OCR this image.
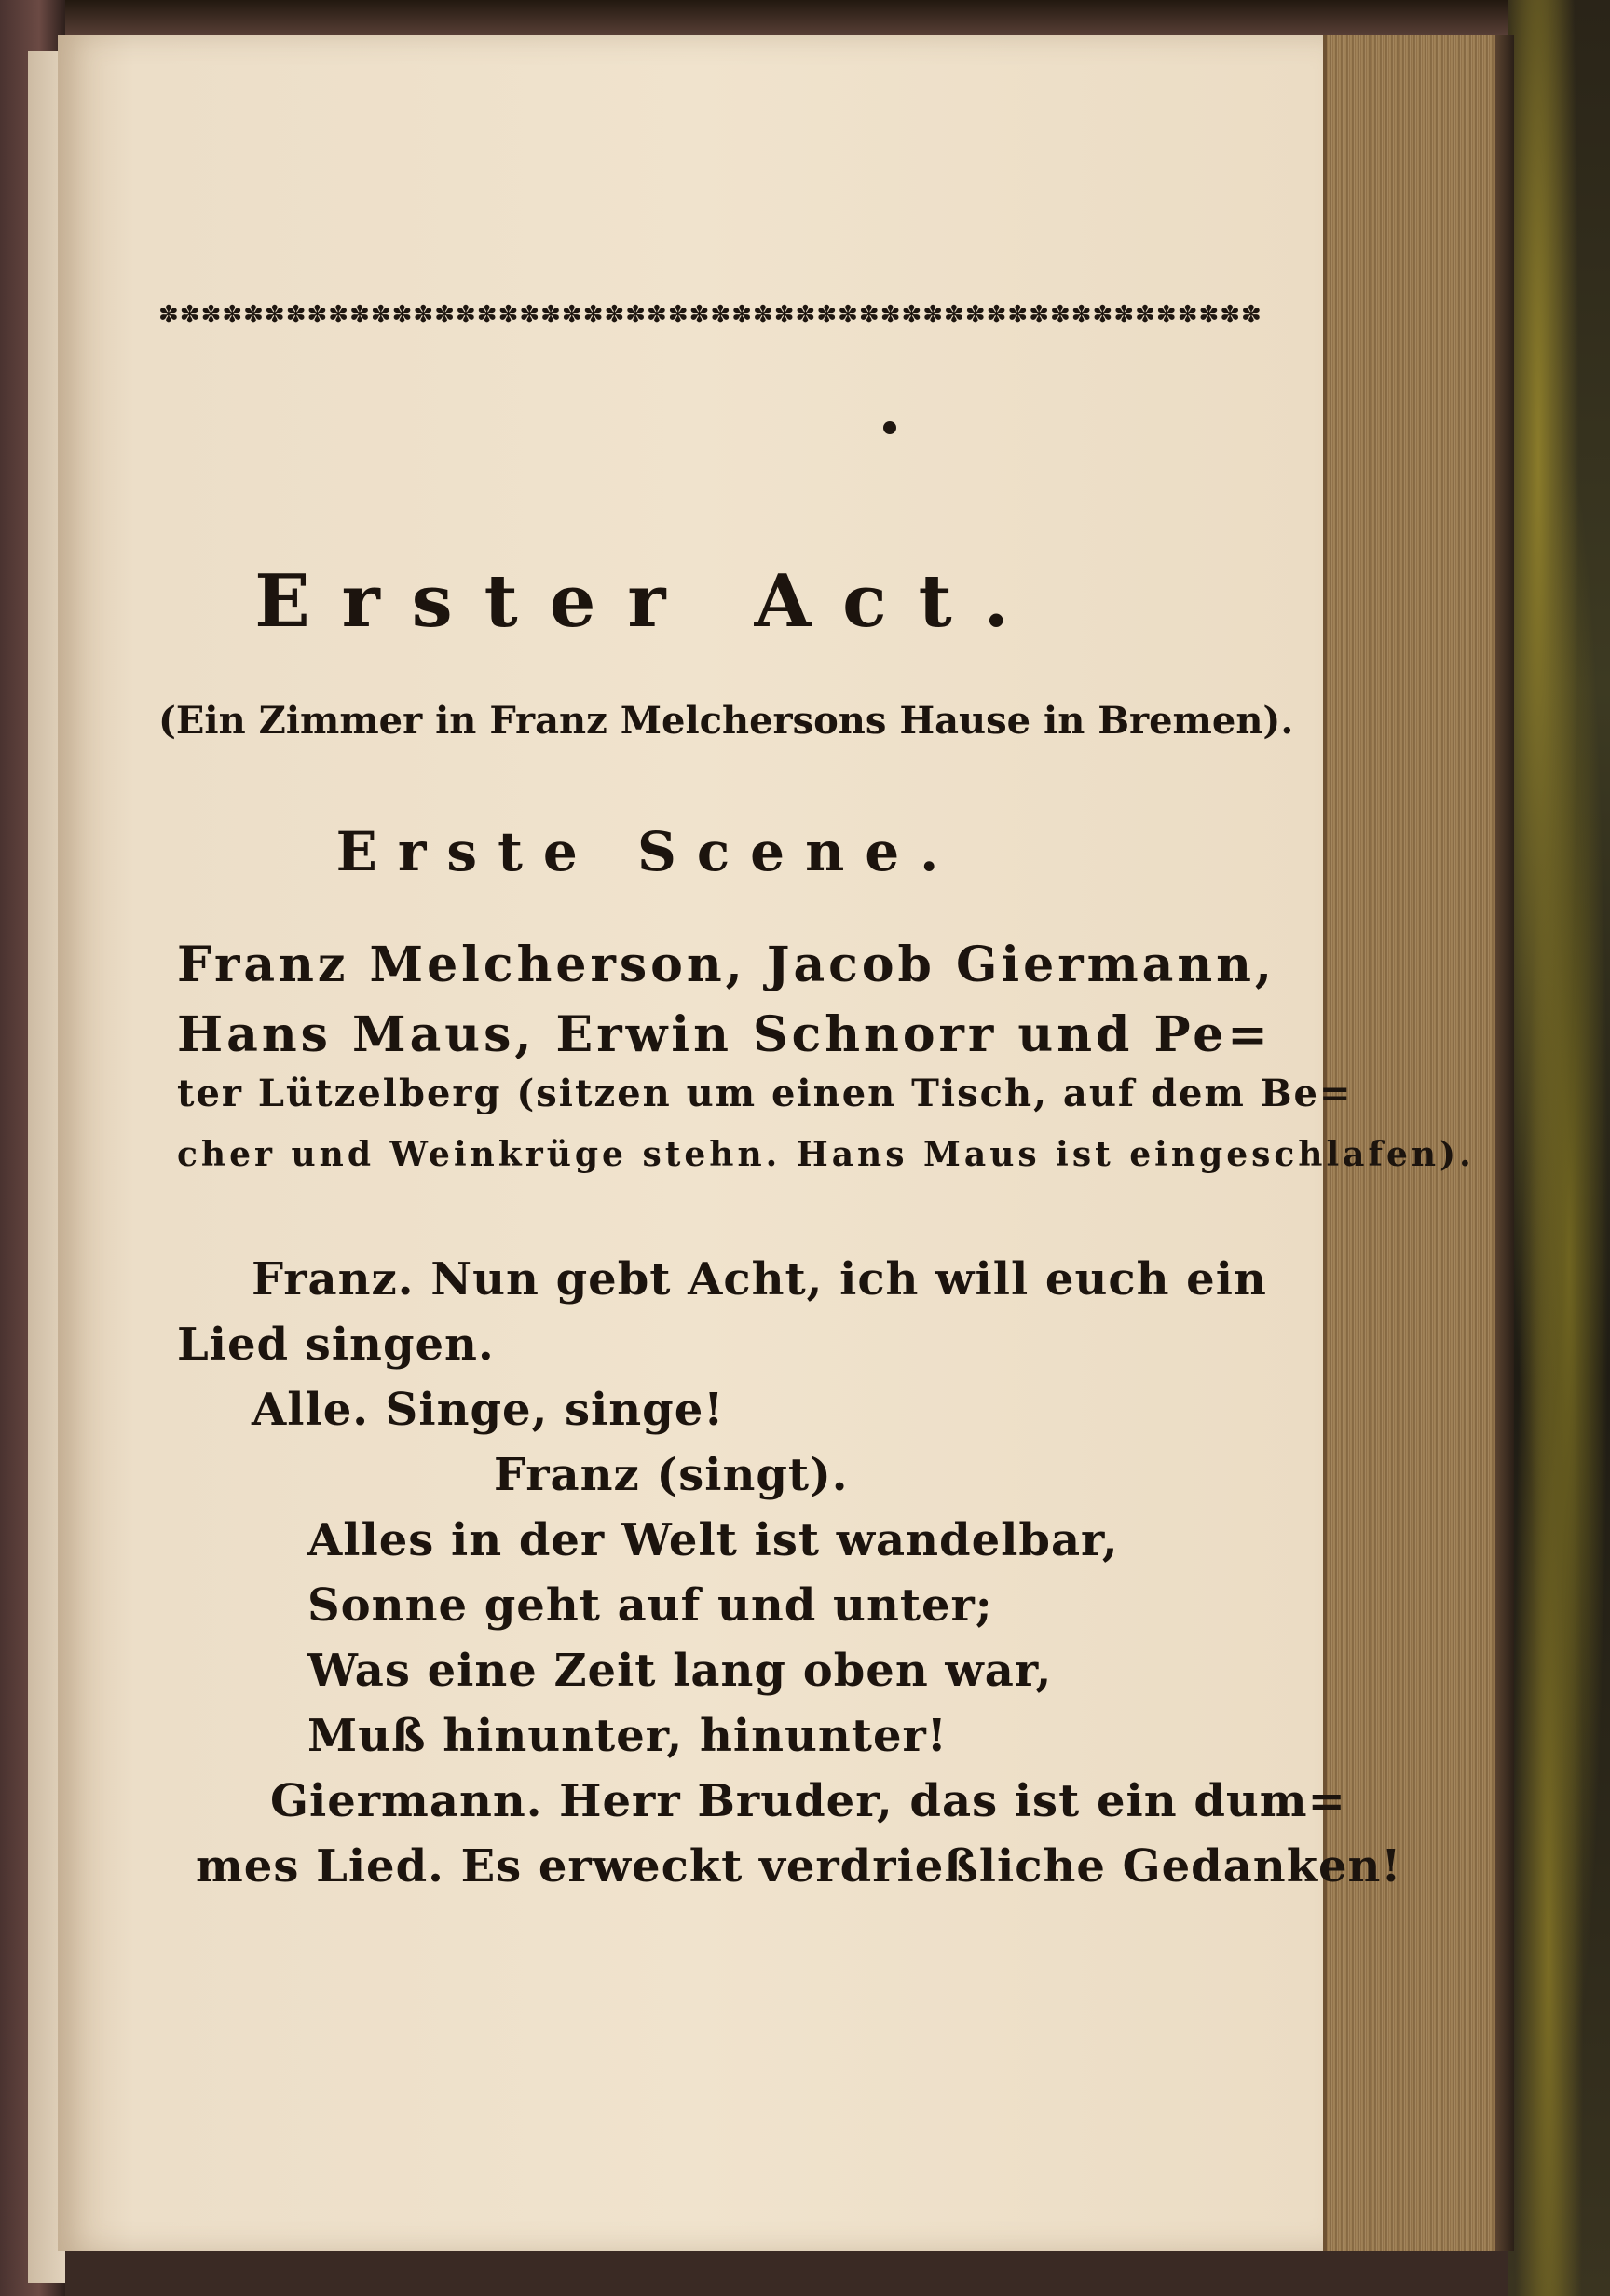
✽✽✽✽✽✽✽✽✽✽✽✽✽✽✽✽✽✽✽✽✽✽✽✽✽✽✽✽✽✽✽✽✽✽✽✽✽✽✽✽✽✽✽✽✽✽✽✽✽✽✽✽
Erster Act.
(Ein Zimmer in Franz Melchersons Hause in Bremen).
Erste Scene.
Franz Melcherson, Jacob Giermann,
Hans Maus, Erwin Schnorr und Pe=
ter Lützelberg (sitzen um einen Tisch, auf dem Be=
cher und Weinkrüge stehn. Hans Maus ist eingeschlafen).
Franz. Nun gebt Acht, ich will euch ein
Lied singen.
Alle. Singe, singe!
Franz (singt).
Alles in der Welt ist wandelbar,
Sonne geht auf und unter;
Was eine Zeit lang oben war,
Muß hinunter, hinunter!
Giermann. Herr Bruder, das ist ein dum=
mes Lied. Es erweckt verdrießliche Gedanken!
